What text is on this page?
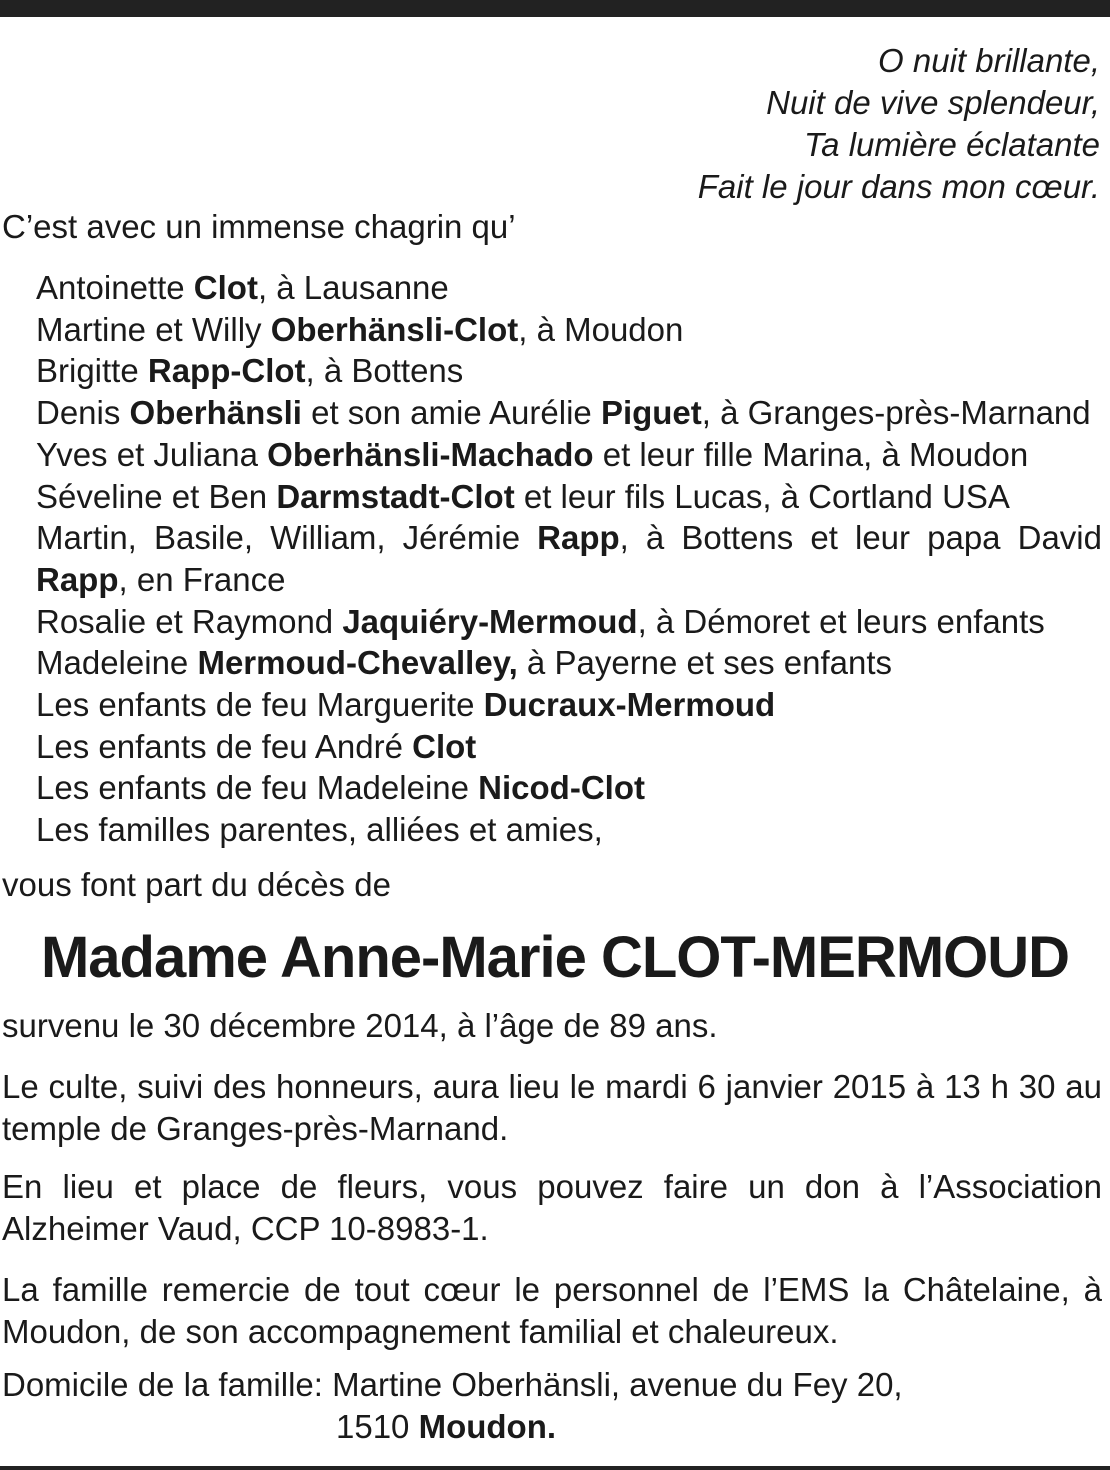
O nuit brillante,
Nuit de vive splendeur,
Ta lumière éclatante
Fait le jour dans mon cœur.
C’est avec un immense chagrin qu’
Antoinette Clot, à Lausanne
Martine et Willy Oberhänsli-Clot, à Moudon
Brigitte Rapp-Clot, à Bottens
Denis Oberhänsli et son amie Aurélie Piguet, à Granges-près-Marnand
Yves et Juliana Oberhänsli-Machado et leur fille Marina, à Moudon
Séveline et Ben Darmstadt-Clot et leur fils Lucas, à Cortland USA
Martin, Basile, William, Jérémie Rapp, à Bottens et leur papa David Rapp, en France
Rosalie et Raymond Jaquiéry-Mermoud, à Démoret et leurs enfants
Madeleine Mermoud-Chevalley, à Payerne et ses enfants
Les enfants de feu Marguerite Ducraux-Mermoud
Les enfants de feu André Clot
Les enfants de feu Madeleine Nicod-Clot
Les familles parentes, alliées et amies,
vous font part du décès de
Madame Anne-Marie CLOT-MERMOUD
survenu le 30 décembre 2014, à l’âge de 89 ans.
Le culte, suivi des honneurs, aura lieu le mardi 6 janvier 2015 à 13 h 30 au temple de Granges-près-Marnand.
En lieu et place de fleurs, vous pouvez faire un don à l’Association Alzheimer Vaud, CCP 10-8983-1.
La famille remercie de tout cœur le personnel de l’EMS la Châtelaine, à Moudon, de son accompagnement familial et chaleureux.
Domicile de la famille: Martine Oberhänsli, avenue du Fey 20,
1510 Moudon.
